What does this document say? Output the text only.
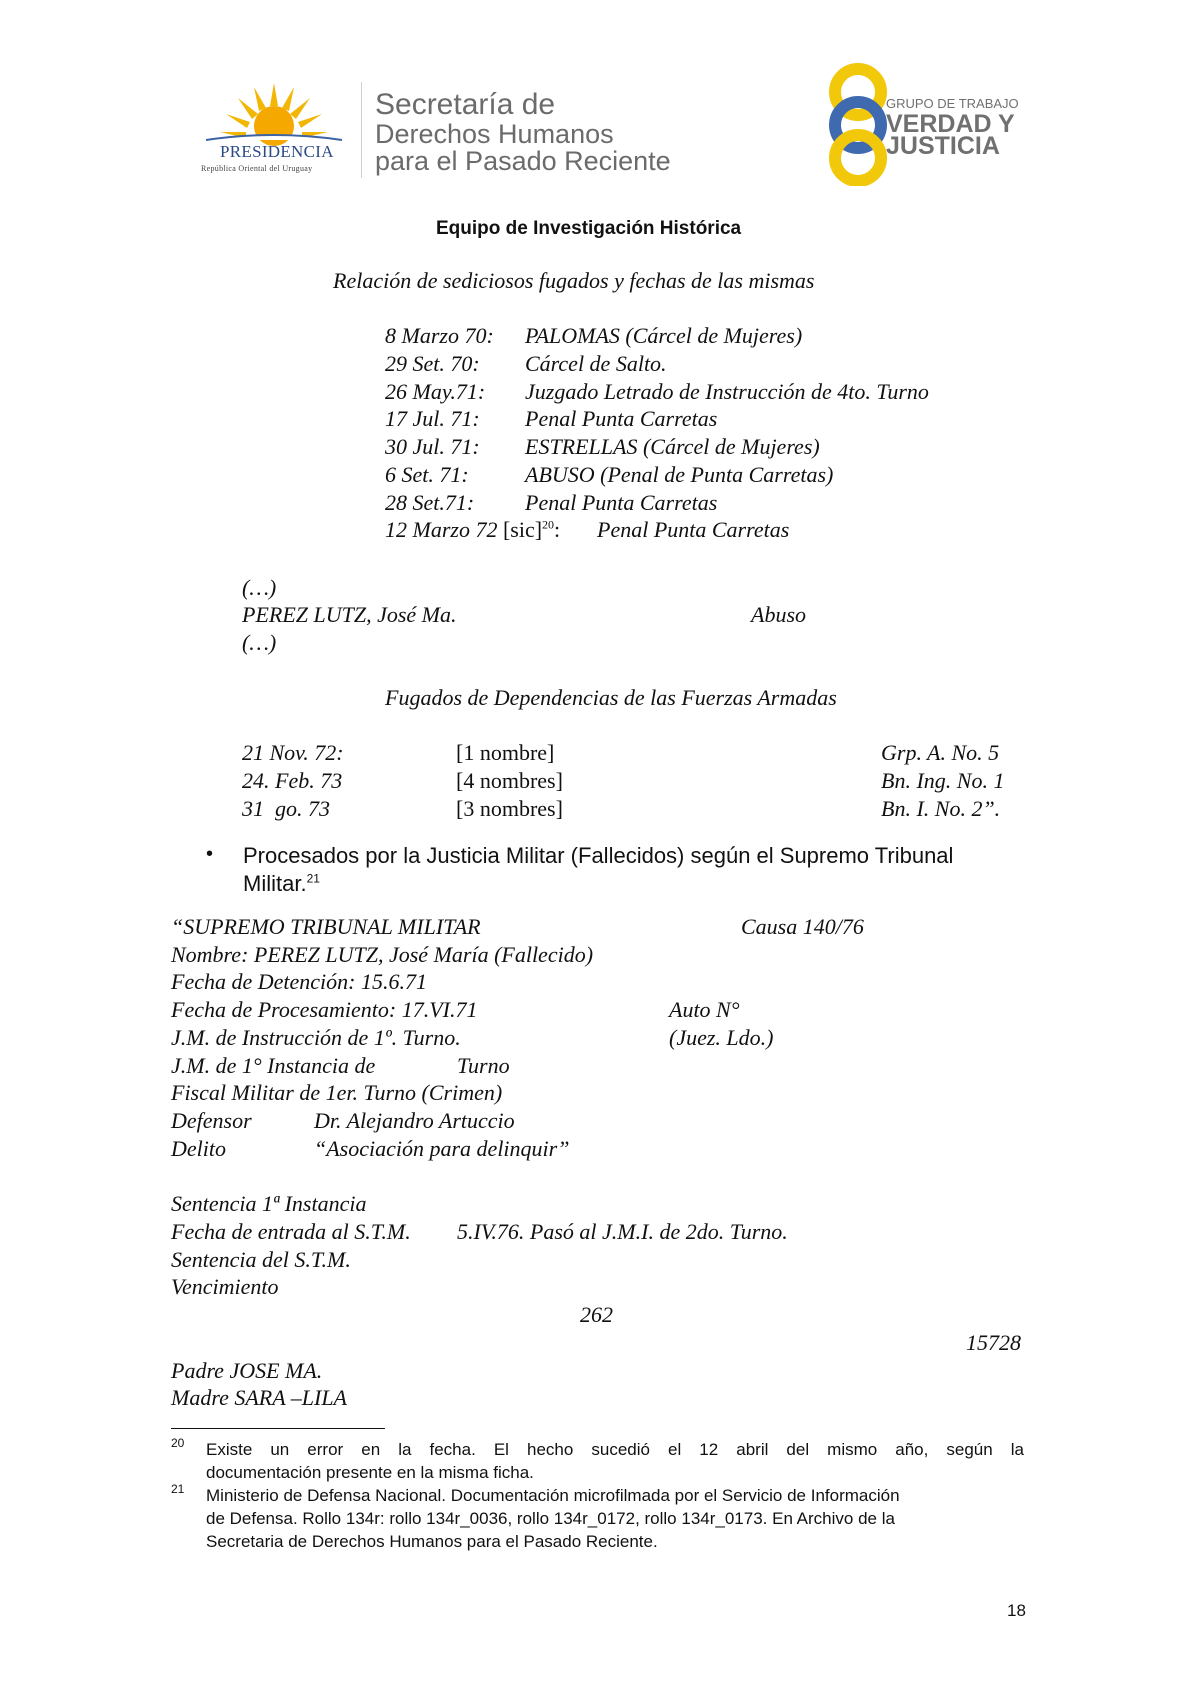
PRESIDENCIA
República Oriental del Uruguay
Secretaría de
Derechos Humanos
para el Pasado Reciente
GRUPO DE TRABAJO
VERDAD Y
JUSTICIA
Equipo de Investigación Histórica
Relación de sediciosos fugados y fechas de las mismas
8 Marzo 70: PALOMAS (Cárcel de Mujeres)
29 Set. 70: Cárcel de Salto.
26 May.71: Juzgado Letrado de Instrucción de 4to. Turno
17 Jul. 71: Penal Punta Carretas
30 Jul. 71: ESTRELLAS (Cárcel de Mujeres)
6 Set. 71:	ABUSO (Penal de Punta Carretas)
28 Set.71: Penal Punta Carretas
12 Marzo 72 [sic]$^{20}$: Penal Punta Carretas
(…)
PEREZ LUTZ, José Ma.	Abuso
(…)
Fugados de Dependencias de las Fuerzas Armadas
21 Nov. 72:	[1 nombre]	Grp. A. No. 5
24. Feb. 73	[4 nombres]	Bn. Ing. No. 1
31  go. 73	[3 nombres]	Bn. I. No. 2”.
• Procesados por la Justicia Militar (Fallecidos) según el Supremo Tribunal
Militar.$^{21}$
“SUPREMO TRIBUNAL MILITAR	Causa 140/76
Nombre: PEREZ LUTZ, José María (Fallecido)
Fecha de Detención: 15.6.71
Fecha de Procesamiento: 17.VI.71	Auto N°
J.M. de Instrucción de 1º. Turno.	(Juez. Ldo.)
J.M. de 1° Instancia de	Turno
Fiscal Militar de 1er. Turno (Crimen)
Defensor	Dr. Alejandro Artuccio
Delito	“Asociación para delinquir”
Sentencia 1ª Instancia
Fecha de entrada al S.T.M. 5.IV.76. Pasó al J.M.I. de 2do. Turno.
Sentencia del S.T.M.
Vencimiento
262
15728
Padre JOSE MA.
Madre SARA –LILA
20 Existe un error en la fecha. El hecho sucedió el 12 abril del mismo año, según la
documentación presente en la misma ficha.
21 Ministerio de Defensa Nacional. Documentación microfilmada por el Servicio de Información
de Defensa. Rollo 134r: rollo 134r_0036, rollo 134r_0172, rollo 134r_0173. En Archivo de la
Secretaria de Derechos Humanos para el Pasado Reciente.
18
